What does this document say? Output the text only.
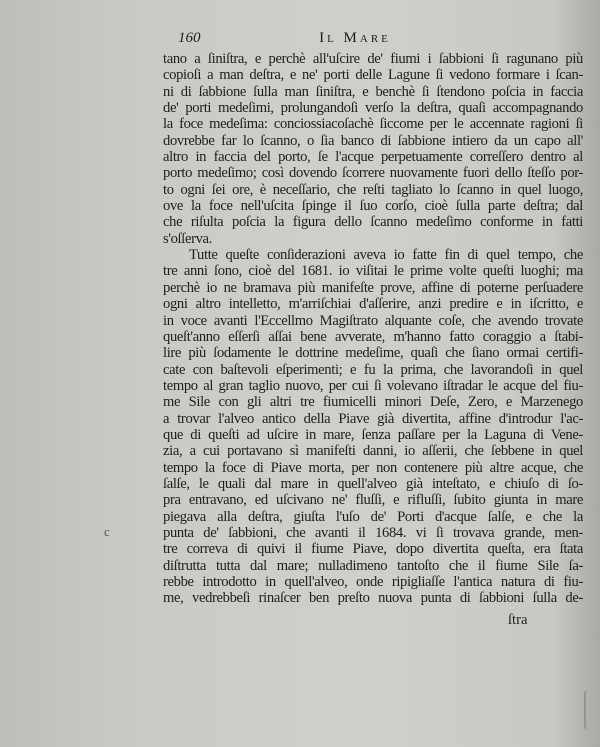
160	Il Mare
tano a ſiniſtra, e perchè all'uſcire de' fiumi i ſabbioni ſi ragunano più
copioſi a man deſtra, e ne' porti delle Lagune ſi vedono formare i ſcan-
ni di ſabbione ſulla man ſiniſtra, e benchè ſi ſtendono poſcia in faccia
de' porti medeſimi, prolungandoſi verſo la deſtra, quaſi accompagnando
la foce medeſima: conciossiacoſachè ſiccome per le accennate ragioni ſi
dovrebbe far lo ſcanno, o ſia banco di ſabbione intiero da un capo all'
altro in faccia del porto, ſe l'acque perpetuamente correſſero dentro al
porto medeſimo; così dovendo ſcorrere nuovamente fuori dello ſteſſo por-
to ogni ſei ore, è neceſſario, che reſti tagliato lo ſcanno in quel luogo,
ove la foce nell'uſcita ſpinge il ſuo corſo, cioè ſulla parte deſtra; dal
che riſulta poſcia la figura dello ſcanno medeſimo conforme in fatti
s'oſſerva.
Tutte queſte conſiderazioni aveva io fatte fin di quel tempo, che
tre anni ſono, cioè del 1681. io viſitai le prime volte queſti luoghi; ma
perchè io ne bramava più manifeſte prove, affine di poterne perſuadere
ogni altro intelletto, m'arriſchiai d'aſſerire, anzi predire e in iſcritto, e
in voce avanti l'Eccellmo Magiſtrato alquante coſe, che avendo trovate
queſt'anno eſſerſi aſſai bene avverate, m'hanno fatto coraggio a ſtabi-
lire più ſodamente le dottrine medeſime, quaſi che ſiano ormai certifi-
cate con baſtevoli eſperimenti; e fu la prima, che lavorandoſi in quel
tempo al gran taglio nuovo, per cui ſi volevano iſtradar le acque del fiu-
me Sile con gli altri tre fiumicelli minori Deſe, Zero, e Marzenego
a trovar l'alveo antico della Piave già divertita, affine d'introdur l'ac-
que di queſti ad uſcire in mare, ſenza paſſare per la Laguna di Vene-
zia, a cui portavano sì manifeſti danni, io aſſerii, che ſebbene in quel
tempo la foce di Piave morta, per non contenere più altre acque, che
ſalſe, le quali dal mare in quell'alveo già inteſtato, e chiuſo di ſo-
pra entravano, ed uſcivano ne' fluſſi, e rifluſſi, ſubito giunta in mare
piegava alla deſtra, giuſta l'uſo de' Porti d'acque ſalſe, e che la
punta de' ſabbioni, che avanti il 1684. vi ſi trovava grande, men-
tre correva di quivi il fiume Piave, dopo divertita queſta, era ſtata
diſtrutta tutta dal mare; nulladimeno tantoſto che il fiume Sile ſa-
rebbe introdotto in quell'alveo, onde ripigliaſſe l'antica natura di fiu-
me, vedrebbeſi rinaſcer ben preſto nuova punta di ſabbioni ſulla de-
ſtra
c
